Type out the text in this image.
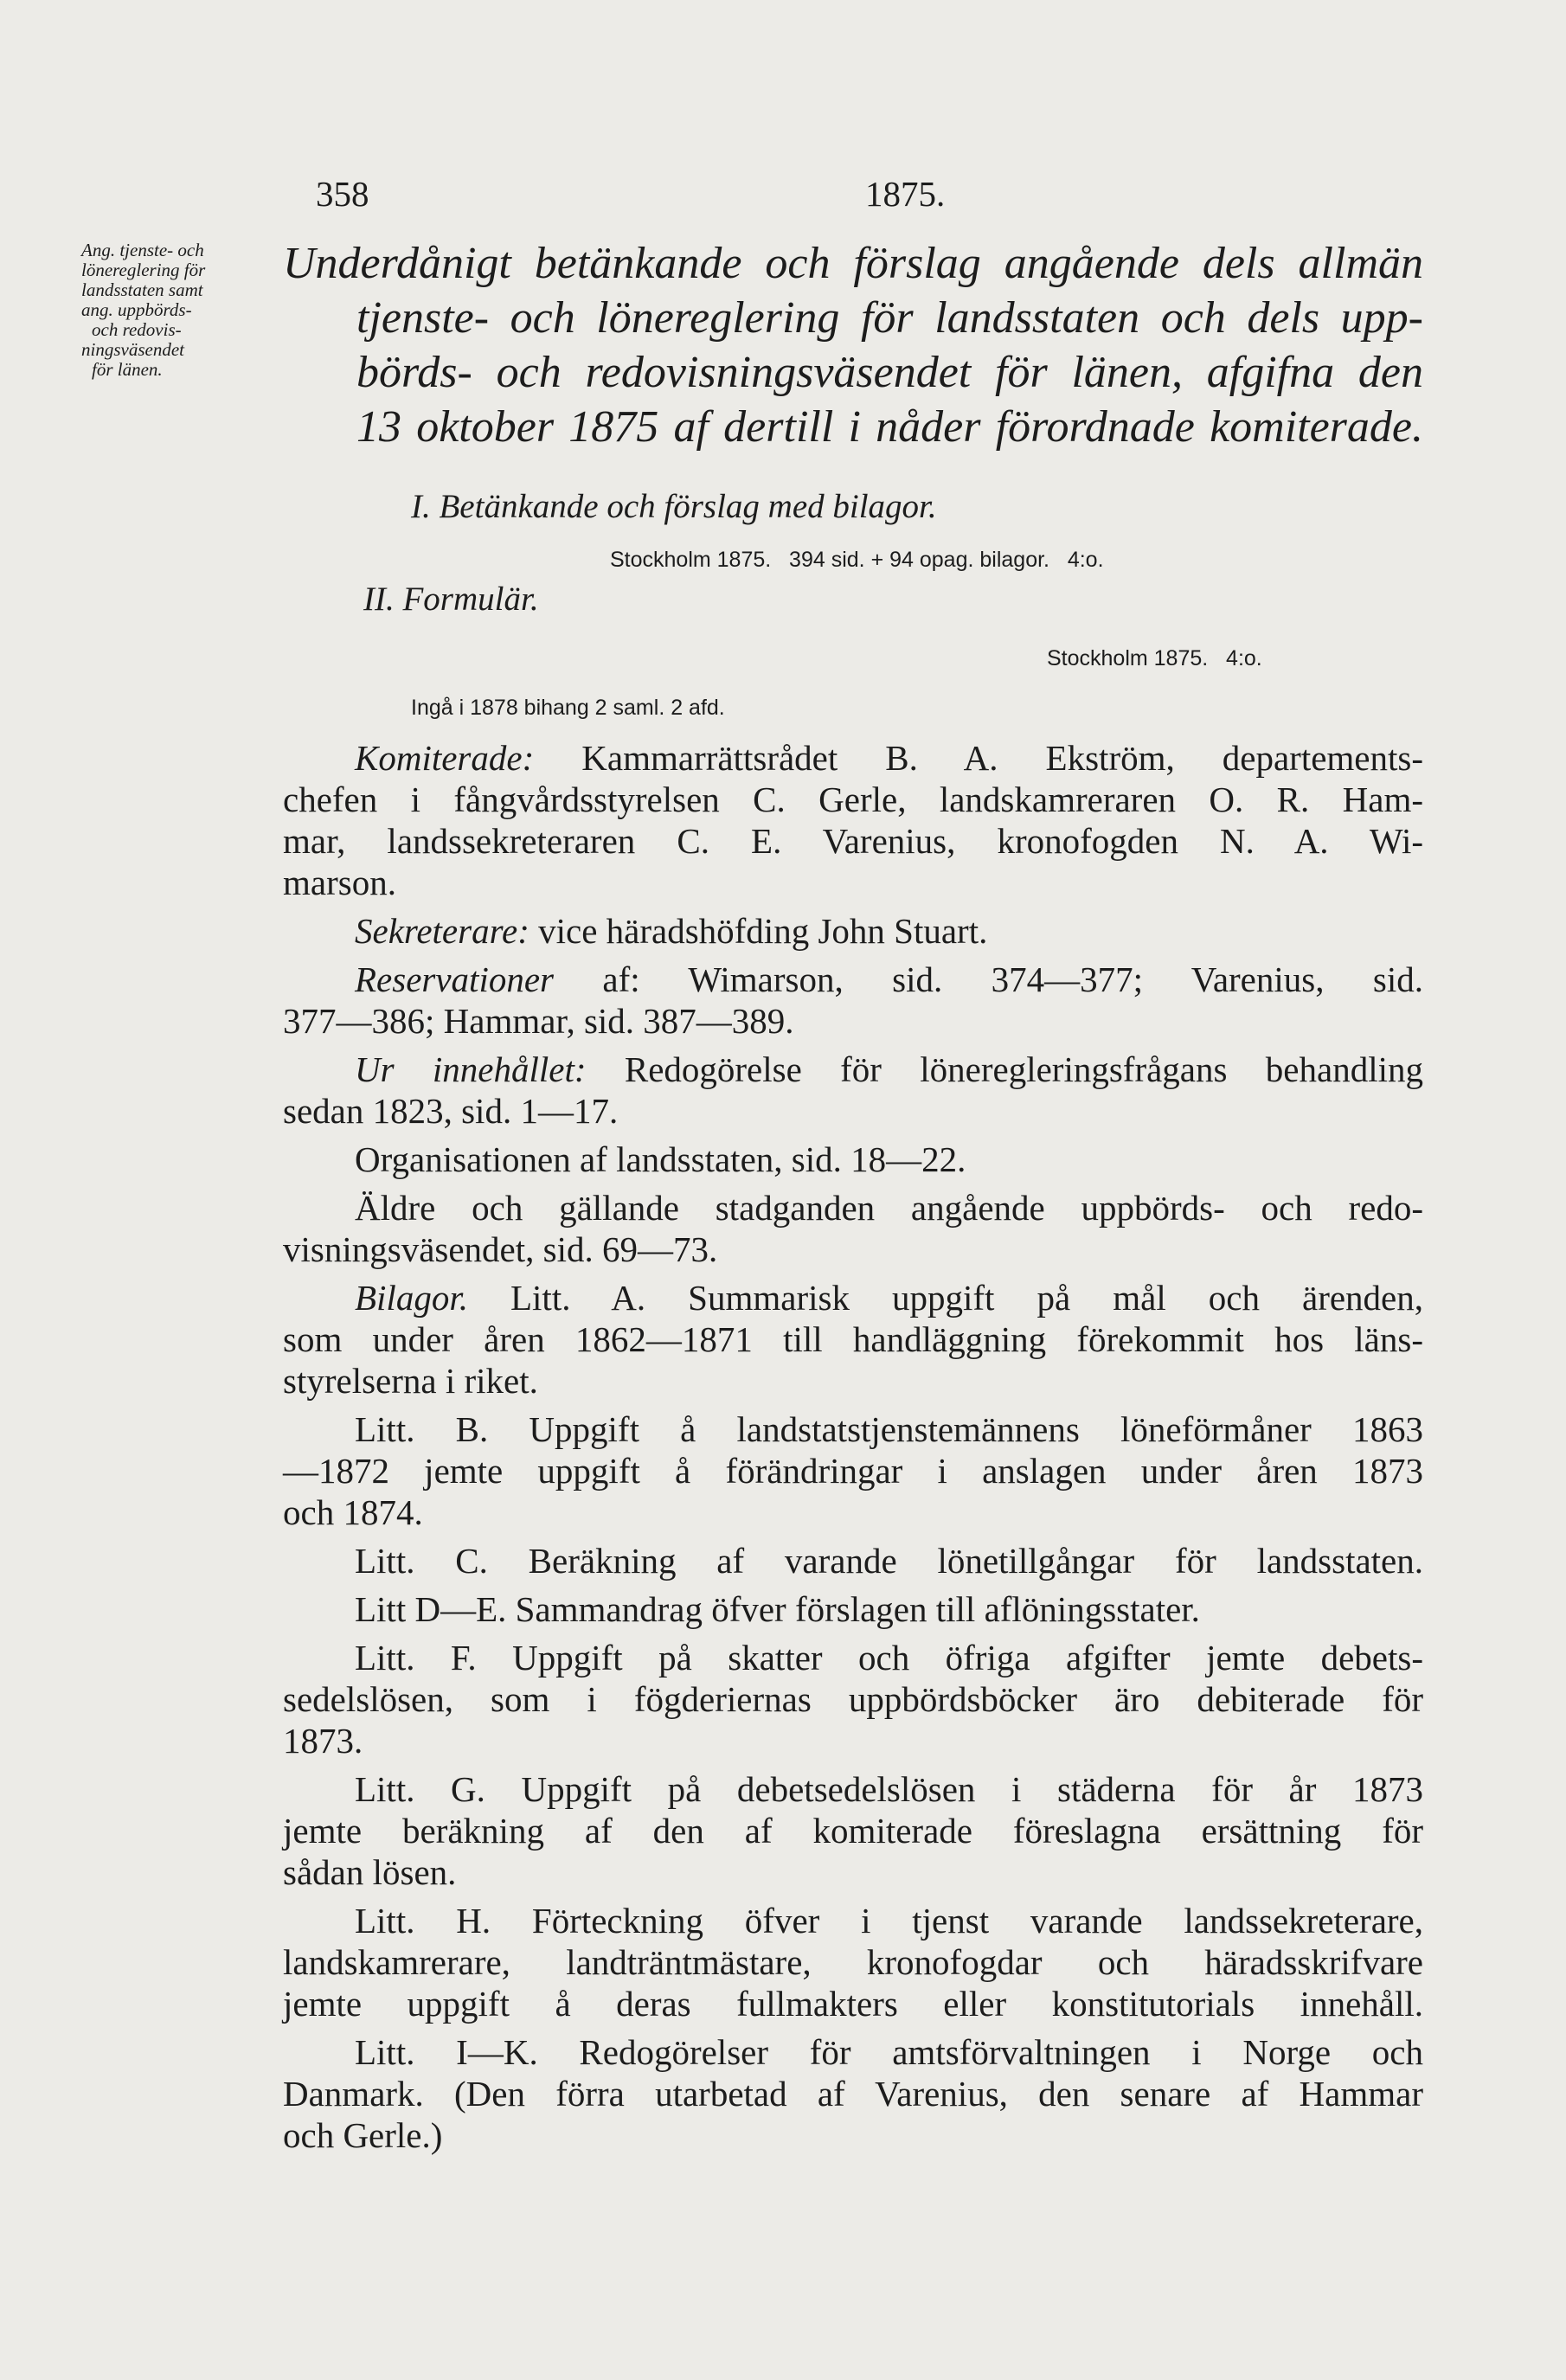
358	1875.
Ang. tjenste- och
lönereglering för
landsstaten samt
ang. uppbörds-
och redovis-
ningsväsendet
för länen.
Underdånigt betänkande och förslag angående dels allmän
tjenste- och lönereglering för landsstaten och dels upp-
börds- och redovisningsväsendet för länen, afgifna den
13 oktober 1875 af dertill i nåder förordnade komiterade.
I. Betänkande och förslag med bilagor.
Stockholm 1875.   394 sid. + 94 opag. bilagor.   4:o.
II. Formulär.
Stockholm 1875.   4:o.
Ingå i 1878 bihang 2 saml. 2 afd.
Komiterade: Kammarrättsrådet B. A. Ekström, departements-
chefen i fångvårdsstyrelsen C. Gerle, landskamreraren O. R. Ham-
mar, landssekreteraren C. E. Varenius, kronofogden N. A. Wi-
marson.
Sekreterare: vice häradshöfding John Stuart.
Reservationer af: Wimarson, sid. 374—377; Varenius, sid.
377—386; Hammar, sid. 387—389.
Ur innehållet: Redogörelse för löneregleringsfrågans behandling
sedan 1823, sid. 1—17.
Organisationen af landsstaten, sid. 18—22.
Äldre och gällande stadganden angående uppbörds- och redo-
visningsväsendet, sid. 69—73.
Bilagor. Litt. A. Summarisk uppgift på mål och ärenden,
som under åren 1862—1871 till handläggning förekommit hos läns-
styrelserna i riket.
Litt. B. Uppgift å landstatstjenstemännens löneförmåner 1863
—1872 jemte uppgift å förändringar i anslagen under åren 1873
och 1874.
Litt. C. Beräkning af varande lönetillgångar för landsstaten.
Litt D—E. Sammandrag öfver förslagen till aflöningsstater.
Litt. F. Uppgift på skatter och öfriga afgifter jemte debets-
sedelslösen, som i fögderiernas uppbördsböcker äro debiterade för
1873.
Litt. G. Uppgift på debetsedelslösen i städerna för år 1873
jemte beräkning af den af komiterade föreslagna ersättning för
sådan lösen.
Litt. H. Förteckning öfver i tjenst varande landssekreterare,
landskamrerare, landträntmästare, kronofogdar och häradsskrifvare
jemte uppgift å deras fullmakters eller konstitutorials innehåll.
Litt. I—K. Redogörelser för amtsförvaltningen i Norge och
Danmark. (Den förra utarbetad af Varenius, den senare af Hammar
och Gerle.)
